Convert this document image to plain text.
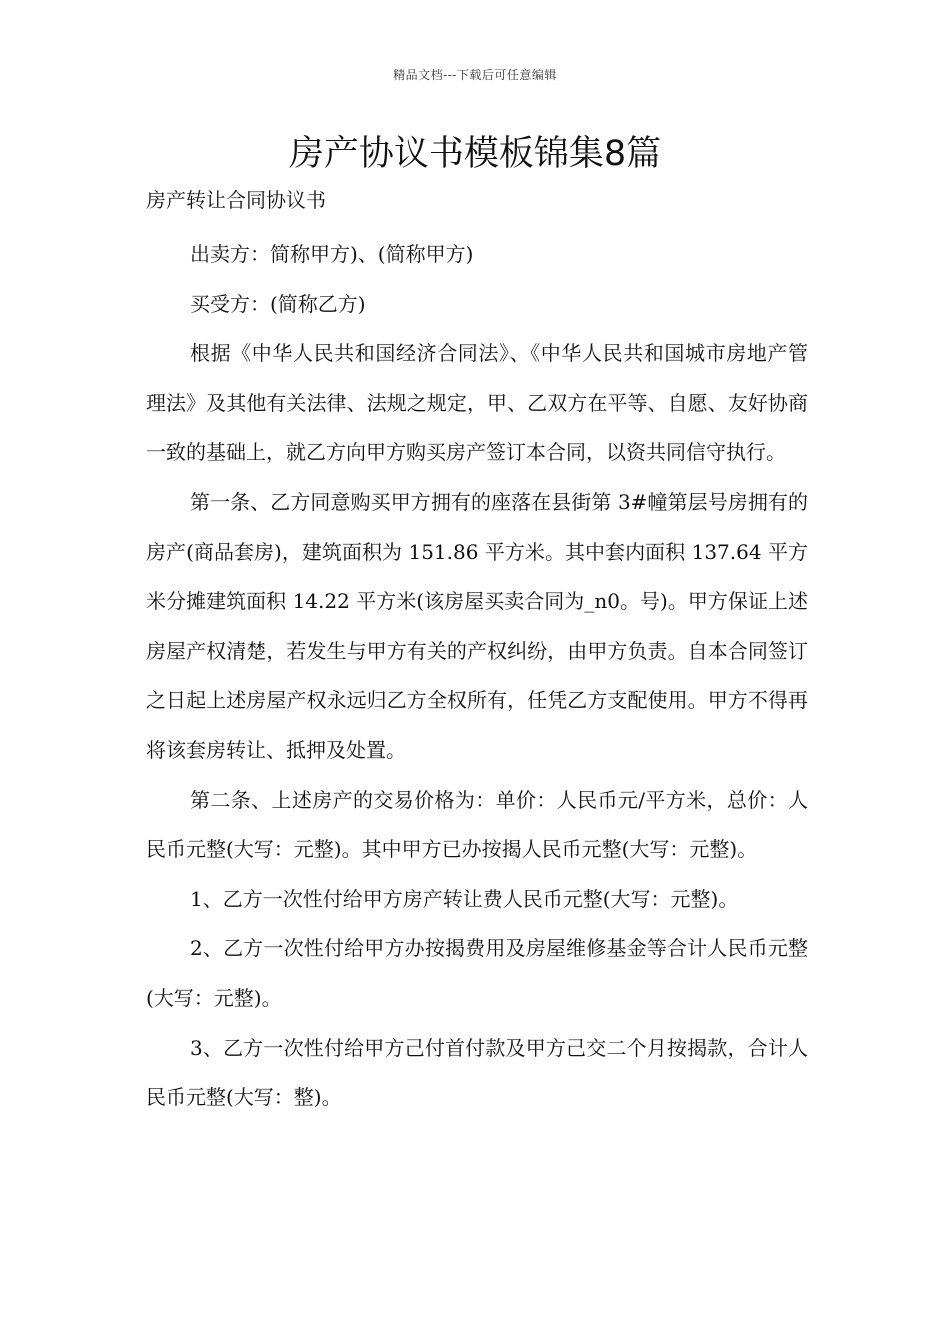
精品文档---下载后可任意编辑
房产协议书模板锦集8篇

房产转让合同协议书

出卖方：简称甲方)、(简称甲方)

买受方：(简称乙方)

根据《中华人民共和国经济合同法》、《中华人民共和国城市房地产管理法》及其他有关法律、法规之规定，甲、乙双方在平等、自愿、友好协商一致的基础上，就乙方向甲方购买房产签订本合同，以资共同信守执行。

第一条、乙方同意购买甲方拥有的座落在县街第 3#幢第层号房拥有的房产(商品套房)，建筑面积为 151.86 平方米。其中套内面积 137.64 平方米分摊建筑面积 14.22 平方米(该房屋买卖合同为_n0。号)。甲方保证上述房屋产权清楚，若发生与甲方有关的产权纠纷，由甲方负责。自本合同签订之日起上述房屋产权永远归乙方全权所有，任凭乙方支配使用。甲方不得再将该套房转让、抵押及处置。

第二条、上述房产的交易价格为：单价：人民币元/平方米，总价：人民币元整(大写：元整)。其中甲方已办按揭人民币元整(大写：元整)。

1、乙方一次性付给甲方房产转让费人民币元整(大写：元整)。

2、乙方一次性付给甲方办按揭费用及房屋维修基金等合计人民币元整(大写：元整)。

3、乙方一次性付给甲方己付首付款及甲方己交二个月按揭款，合计人民币元整(大写：整)。
